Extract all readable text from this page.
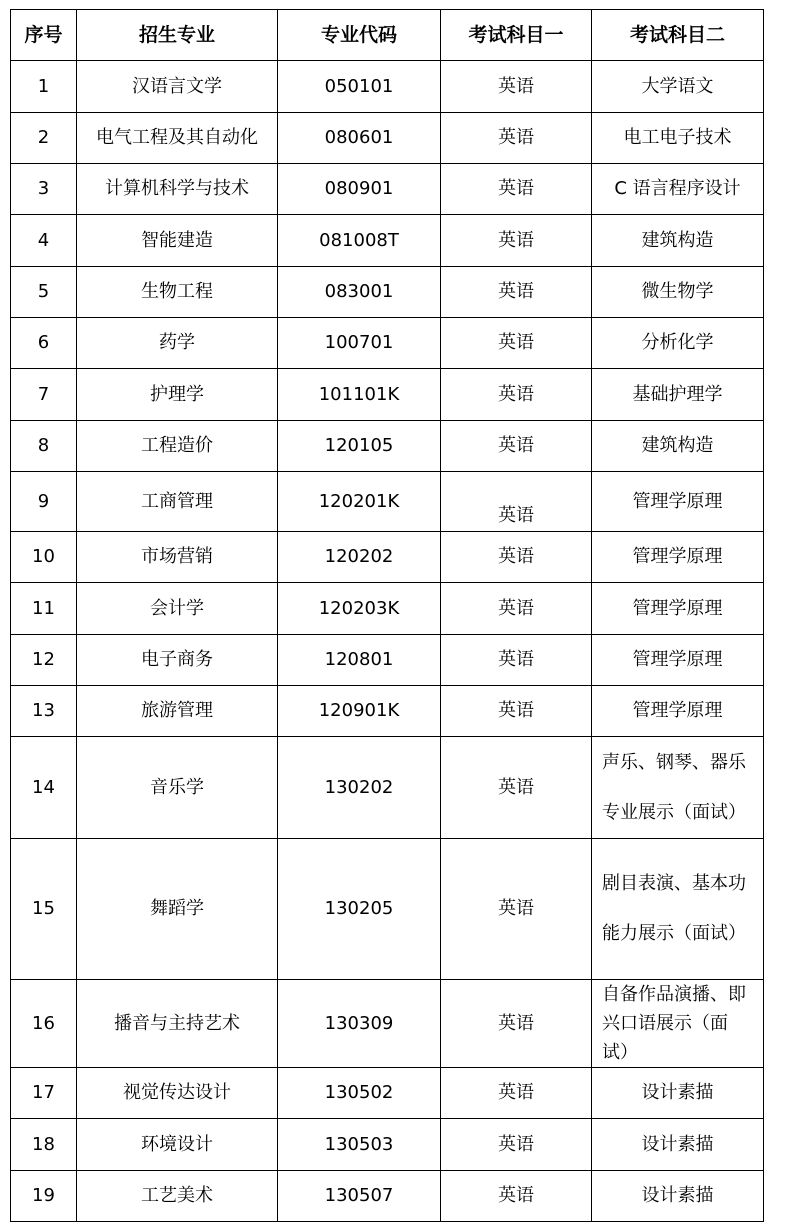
序号	招生专业	专业代码	考试科目一	考试科目二
1	汉语言文学	050101	英语	大学语文
2	电气工程及其自动化	080601	英语	电工电子技术
3	计算机科学与技术	080901	英语	C 语言程序设计
4	智能建造	081008T	英语	建筑构造
5	生物工程	083001	英语	微生物学
6	药学	100701	英语	分析化学
7	护理学	101101K	英语	基础护理学
8	工程造价	120105	英语	建筑构造
9	工商管理	120201K	英语	管理学原理
10	市场营销	120202	英语	管理学原理
11	会计学	120203K	英语	管理学原理
12	电子商务	120801	英语	管理学原理
13	旅游管理	120901K	英语	管理学原理
14	音乐学	130202	英语	声乐、钢琴、器乐
专业展示（面试）

15	舞蹈学	130205	英语	剧目表演、基本功
能力展示（面试）

16	播音与主持艺术	130309	英语	自备作品演播、即
兴口语展示（面
试）

17	视觉传达设计	130502	英语	设计素描
18	环境设计	130503	英语	设计素描
19	工艺美术	130507	英语	设计素描
